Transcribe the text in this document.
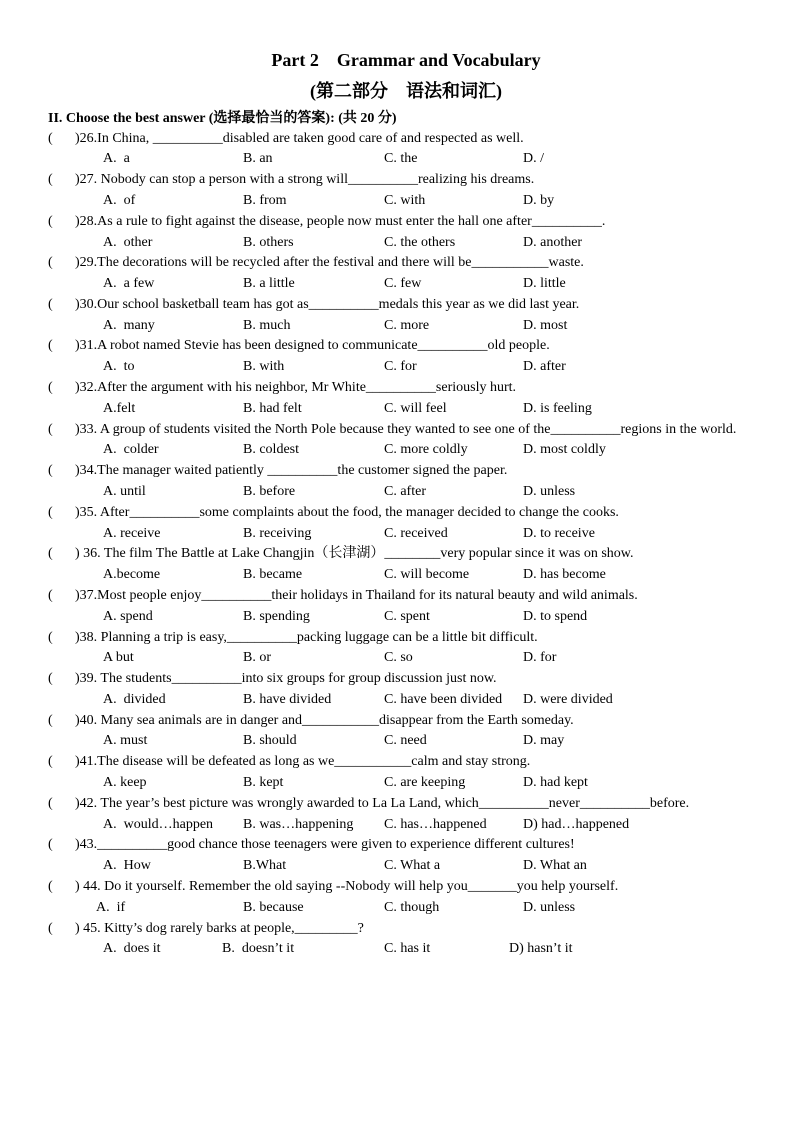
Part 2    Grammar and Vocabulary
(第二部分    语法和词汇)
II. Choose the best answer (选择最恰当的答案): (共 20 分)
( )26.In China, __________disabled are taken good care of and respected as well.
A.  a	B. an	C. the	D. /
( )27. Nobody can stop a person with a strong will__________realizing his dreams.
A.  of	B. from	C. with	D. by
( )28.As a rule to fight against the disease, people now must enter the hall one after__________.
A.  other	B. others	C. the others	D. another
( )29.The decorations will be recycled after the festival and there will be___________waste.
A.  a few	B. a little	C. few	D. little
( )30.Our school basketball team has got as__________medals this year as we did last year.
A.  many	B. much	C. more	D. most
( )31.A robot named Stevie has been designed to communicate__________old people.
A.  to	B. with	C. for	D. after
( )32.After the argument with his neighbor, Mr White__________seriously hurt.
A.felt	B. had felt	C. will feel	D. is feeling
( )33. A group of students visited the North Pole because they wanted to see one of the__________regions in the world.
A.  colder	B. coldest	C. more coldly	D. most coldly
( )34.The manager waited patiently __________the customer signed the paper.
A. until	B. before	C. after	D. unless
( )35. After__________some complaints about the food, the manager decided to change the cooks.
A. receive	B. receiving	C. received	D. to receive
( ) 36. The film The Battle at Lake Changjin（长津湖）________very popular since it was on show.
A.become	B. became	C. will become	D. has become
( )37.Most people enjoy__________their holidays in Thailand for its natural beauty and wild animals.
A. spend	B. spending	C. spent	D. to spend
( )38. Planning a trip is easy,__________packing luggage can be a little bit difficult.
A but	B. or	C. so	D. for
( )39. The students__________into six groups for group discussion just now.
A.  divided	B. have divided	C. have been divided D. were divided
( )40. Many sea animals are in danger and___________disappear from the Earth someday.
A. must	B. should	C. need	D. may
( )41.The disease will be defeated as long as we___________calm and stay strong.
A. keep	B. kept	C. are keeping	D. had kept
( )42. The year’s best picture was wrongly awarded to La La Land, which__________never__________before.
A.  would…happen B. was…happening C. has…happened	D) had…happened
( )43.__________good chance those teenagers were given to experience different cultures!
A.  How	B.What	C. What a	D. What an
( ) 44. Do it yourself. Remember the old saying --Nobody will help you_______you help yourself.
A.  if	B. because	C. though	D. unless
( ) 45. Kitty’s dog rarely barks at people,_________?
A.  does it	B.  doesn’t it	C. has it	D) hasn’t it
